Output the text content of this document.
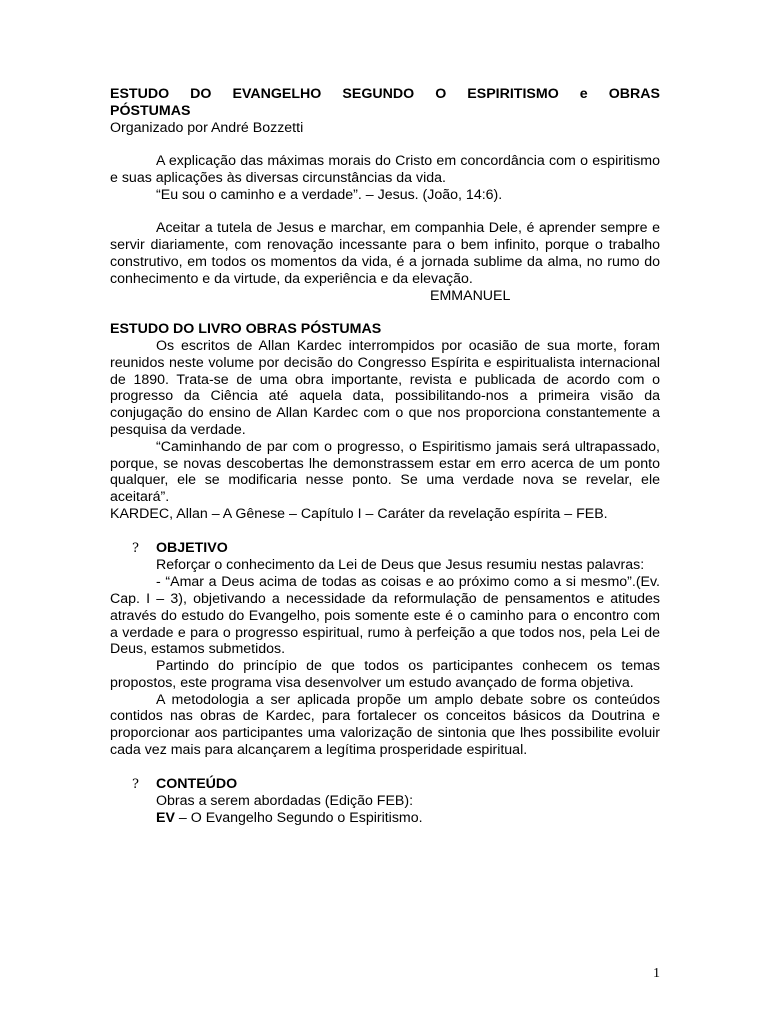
ESTUDO DO EVANGELHO SEGUNDO O ESPIRITISMO e OBRAS

PÓSTUMAS

Organizado por André Bozzetti

A explicação das máximas morais do Cristo em concordância com o espiritismo e suas aplicações às diversas circunstâncias da vida.

“Eu sou o caminho e a verdade”. – Jesus. (João, 14:6).

Aceitar a tutela de Jesus e marchar, em companhia Dele, é aprender sempre e servir diariamente, com renovação incessante para o bem infinito, porque o trabalho construtivo, em todos os momentos da vida, é a jornada sublime da alma, no rumo do conhecimento e da virtude, da experiência e da elevação.

EMMANUEL

ESTUDO DO LIVRO OBRAS PÓSTUMAS

Os escritos de Allan Kardec interrompidos por ocasião de sua morte, foram reunidos neste volume por decisão do Congresso Espírita e espiritualista internacional de 1890. Trata-se de uma obra importante, revista e publicada de acordo com o progresso da Ciência até aquela data, possibilitando-nos a primeira visão da conjugação do ensino de Allan Kardec com o que nos proporciona constantemente a pesquisa da verdade.

“Caminhando de par com o progresso, o Espiritismo jamais será ultrapassado, porque, se novas descobertas lhe demonstrassem estar em erro acerca de um ponto qualquer, ele se modificaria nesse ponto. Se uma verdade nova se revelar, ele aceitará”.

KARDEC, Allan – A Gênese – Capítulo I – Caráter da revelação espírita – FEB.

?	OBJETIVO

Reforçar o conhecimento da Lei de Deus que Jesus resumiu nestas palavras:

- “Amar a Deus acima de todas as coisas e ao próximo como a si mesmo”.(Ev. Cap. I – 3), objetivando a necessidade da reformulação de pensamentos e atitudes através do estudo do Evangelho, pois somente este é o caminho para o encontro com a verdade e para o progresso espiritual, rumo à perfeição a que todos nos, pela Lei de Deus, estamos submetidos.

Partindo do princípio de que todos os participantes conhecem os temas propostos, este programa visa desenvolver um estudo avançado de forma objetiva.

A metodologia a ser aplicada propõe um amplo debate sobre os conteúdos contidos nas obras de Kardec, para fortalecer os conceitos básicos da Doutrina e proporcionar aos participantes uma valorização de sintonia que lhes possibilite evoluir cada vez mais para alcançarem a legítima prosperidade espiritual.

?	CONTEÚDO

Obras a serem abordadas (Edição FEB):

EV – O Evangelho Segundo o Espiritismo.

1
